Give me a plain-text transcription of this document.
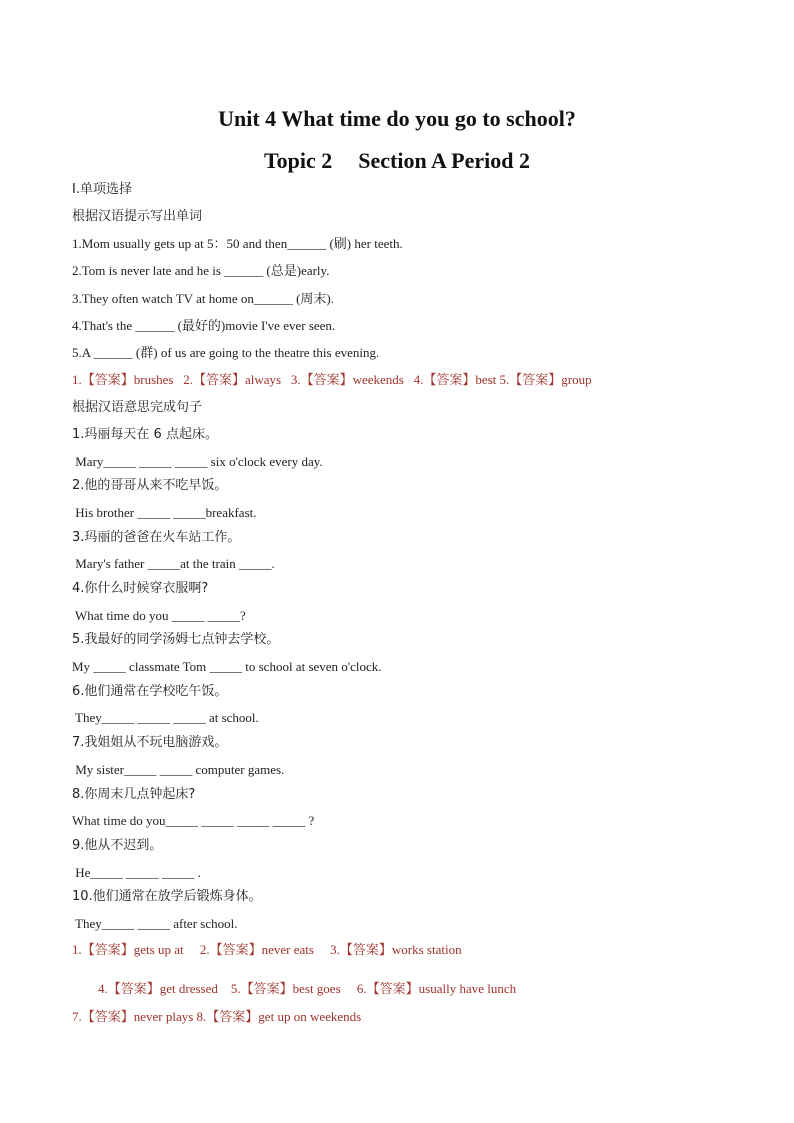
Unit 4 What time do you go to school?
Topic 2 Section A Period 2
I.单项选择
根据汉语提示写出单词
1.Mom usually gets up at 5：50 and then______ (刷) her teeth.
2.Tom is never late and he is ______ (总是)early.
3.They often watch TV at home on______ (周末).
4.That's the ______ (最好的)movie I've ever seen.
5.A ______ (群) of us are going to the theatre this evening.
1.【答案】brushes   2.【答案】always   3.【答案】weekends   4.【答案】best 5.【答案】group
根据汉语意思完成句子
1.玛丽每天在 6 点起床。
Mary_____ _____ _____ six o'clock every day.
2.他的哥哥从来不吃早饭。
His brother _____ _____breakfast.
3.玛丽的爸爸在火车站工作。
Mary's father _____at the train _____.
4.你什么时候穿衣服啊?
What time do you _____ _____?
5.我最好的同学汤姆七点钟去学校。
My _____ classmate Tom _____ to school at seven o'clock.
6.他们通常在学校吃午饭。
They_____ _____ _____ at school.
7.我姐姐从不玩电脑游戏。
My sister_____ _____ computer games.
8.你周末几点钟起床?
What time do you_____ _____ _____ _____ ?
9.他从不迟到。
He_____ _____ _____ .
10.他们通常在放学后锻炼身体。
They_____ _____ after school.
1.【答案】gets up at     2.【答案】never eats     3.【答案】works station
4.【答案】get dressed    5.【答案】best goes     6.【答案】usually have lunch
7.【答案】never plays 8.【答案】get up on weekends
